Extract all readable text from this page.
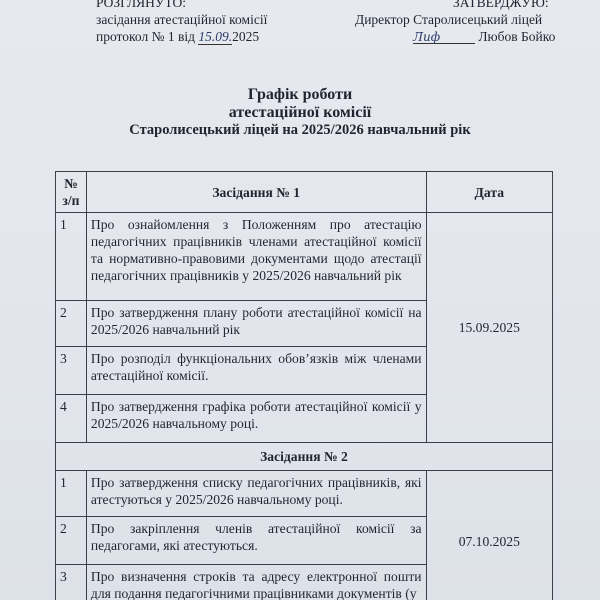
РОЗГЛЯНУТО:
засідання атестаційної комісії
протокол № 1 від 15.09.2025
ЗАТВЕРДЖУЮ:
Директор Старолисецький ліцей
Лиф	Любов Бойко
Графік роботи
атестаційної комісії
Старолисецький ліцей на 2025/2026 навчальний рік
№ з/п	Засідання № 1	Дата
1	Про ознайомлення з Положенням про атестацію педагогічних працівників членами атестаційної комісії та нормативно-правовими документами щодо атестації педагогічних працівників у 2025/2026 навчальний рік	15.09.2025
2	Про затвердження плану роботи атестаційної комісії на 2025/2026 навчальний рік	
3	Про розподіл функціональних обов’язків між членами атестаційної комісії.	
4	Про затвердження графіка роботи атестаційної комісії у 2025/2026 навчальному році.	
Засідання № 2		
1	Про затвердження списку педагогічних працівників, які атестуються у 2025/2026 навчальному році.	07.10.2025
2	Про закріплення членів атестаційної комісії за педагогами, які атестуються.	
3	Про визначення строків та адресу електронної пошти для подання педагогічними працівниками документів (у	
